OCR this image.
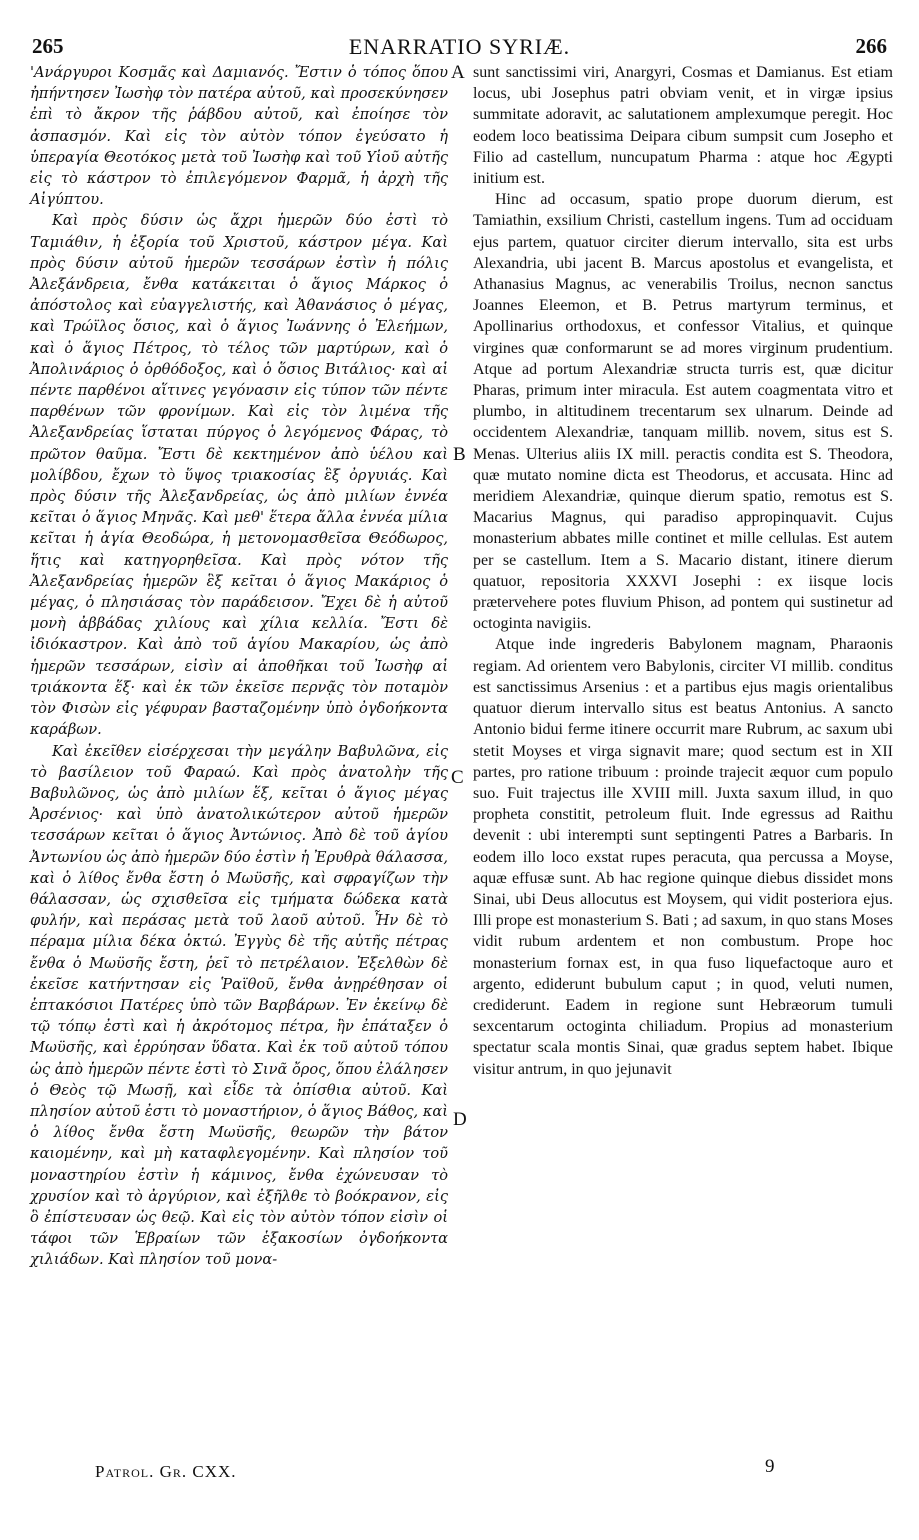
265	ENARRATIO SYRIÆ.	266

'Ανάργυροι Κοσμᾶς καὶ Δαμιανός. Ἔστιν ὁ τόπος ὅπου ἠπήντησεν Ἰωσὴφ τὸν πατέρα αὐτοῦ, καὶ προσεκύνησεν ἐπὶ τὸ ἄκρον τῆς ῥάβδου αὐτοῦ, καὶ ἐποίησε τὸν ἀσπασμόν. Καὶ εἰς τὸν αὐτὸν τόπον ἐγεύσατο ἡ ὑπεραγία Θεοτόκος μετὰ τοῦ Ἰωσὴφ καὶ τοῦ Υἱοῦ αὐτῆς εἰς τὸ κάστρον τὸ ἐπιλεγόμενον Φαρμᾶ, ἡ ἀρχὴ τῆς Αἰγύπτου.

Καὶ πρὸς δύσιν ὡς ἄχρι ἡμερῶν δύο ἐστὶ τὸ Ταμιάθιν, ἡ ἐξορία τοῦ Χριστοῦ, κάστρον μέγα. Καὶ πρὸς δύσιν αὐτοῦ ἡμερῶν τεσσάρων ἐστὶν ἡ πόλις Ἀλεξάνδρεια, ἔνθα κατάκειται ὁ ἅγιος Μάρκος ὁ ἀπόστολος καὶ εὐαγγελιστής, καὶ Ἀθανάσιος ὁ μέγας, καὶ Τρώϊλος ὅσιος, καὶ ὁ ἅγιος Ἰωάννης ὁ Ἐλεήμων, καὶ ὁ ἅγιος Πέτρος, τὸ τέλος τῶν μαρτύρων, καὶ ὁ Ἀπολινάριος ὁ ὀρθόδοξος, καὶ ὁ ὅσιος Βιτάλιος· καὶ αἱ πέντε παρθένοι αἵτινες γεγόνασιν εἰς τύπον τῶν πέντε παρθένων τῶν φρονίμων. Καὶ εἰς τὸν λιμένα τῆς Ἀλεξανδρείας ἵσταται πύργος ὁ λεγόμενος Φάρας, τὸ πρῶτον θαῦμα. Ἔστι δὲ κεκτημένον ἀπὸ ὑέλου καὶ μολίβδου, ἔχων τὸ ὕψος τριακοσίας ἓξ ὀργυιάς. Καὶ πρὸς δύσιν τῆς Ἀλεξανδρείας, ὡς ἀπὸ μιλίων ἐννέα κεῖται ὁ ἅγιος Μηνᾶς. Καὶ μεθ' ἕτερα ἄλλα ἐννέα μίλια κεῖται ἡ ἁγία Θεοδώρα, ἡ μετονομασθεῖσα Θεόδωρος, ἥτις καὶ κατηγορηθεῖσα. Καὶ πρὸς νότον τῆς Ἀλεξανδρείας ἡμερῶν ἓξ κεῖται ὁ ἅγιος Μακάριος ὁ μέγας, ὁ πλησιάσας τὸν παράδεισον. Ἔχει δὲ ἡ αὐτοῦ μονὴ ἀββάδας χιλίους καὶ χίλια κελλία. Ἔστι δὲ ἰδιόκαστρον. Καὶ ἀπὸ τοῦ ἁγίου Μακαρίου, ὡς ἀπὸ ἡμερῶν τεσσάρων, εἰσὶν αἱ ἀποθῆκαι τοῦ Ἰωσὴφ αἱ τριάκοντα ἕξ· καὶ ἐκ τῶν ἐκεῖσε περνᾷς τὸν ποταμὸν τὸν Φισὼν εἰς γέφυραν βασταζομένην ὑπὸ ὀγδοήκοντα καράβων.

Καὶ ἐκεῖθεν εἰσέρχεσαι τὴν μεγάλην Βαβυλῶνα, εἰς τὸ βασίλειον τοῦ Φαραώ. Καὶ πρὸς ἀνατολὴν τῆς Βαβυλῶνος, ὡς ἀπὸ μιλίων ἕξ, κεῖται ὁ ἅγιος μέγας Ἀρσένιος· καὶ ὑπὸ ἀνατολικώτερον αὐτοῦ ἡμερῶν τεσσάρων κεῖται ὁ ἅγιος Ἀντώνιος. Ἀπὸ δὲ τοῦ ἁγίου Ἀντωνίου ὡς ἀπὸ ἡμερῶν δύο ἐστὶν ἡ Ἐρυθρὰ θάλασσα, καὶ ὁ λίθος ἔνθα ἔστη ὁ Μωϋσῆς, καὶ σφραγίζων τὴν θάλασσαν, ὡς σχισθεῖσα εἰς τμήματα δώδεκα κατὰ φυλήν, καὶ περάσας μετὰ τοῦ λαοῦ αὐτοῦ. Ἦν δὲ τὸ πέραμα μίλια δέκα ὀκτώ. Ἐγγὺς δὲ τῆς αὐτῆς πέτρας ἔνθα ὁ Μωϋσῆς ἔστη, ῥεῖ τὸ πετρέλαιον. Ἐξελθὼν δὲ ἐκεῖσε κατήντησαν εἰς Ῥαϊθοῦ, ἔνθα ἀνῃρέθησαν οἱ ἑπτακόσιοι Πατέρες ὑπὸ τῶν Βαρβάρων. Ἐν ἐκείνῳ δὲ τῷ τόπῳ ἐστὶ καὶ ἡ ἀκρότομος πέτρα, ἣν ἐπάταξεν ὁ Μωϋσῆς, καὶ ἐρρύησαν ὕδατα. Καὶ ἐκ τοῦ αὐτοῦ τόπου ὡς ἀπὸ ἡμερῶν πέντε ἐστὶ τὸ Σινᾶ ὄρος, ὅπου ἐλάλησεν ὁ Θεὸς τῷ Μωσῇ, καὶ εἶδε τὰ ὀπίσθια αὐτοῦ. Καὶ πλησίον αὐτοῦ ἐστι τὸ μοναστήριον, ὁ ἅγιος Βάθος, καὶ ὁ λίθος ἔνθα ἔστη Μωϋσῆς, θεωρῶν τὴν βάτον καιομένην, καὶ μὴ καταφλεγομένην. Καὶ πλησίον τοῦ μοναστηρίου ἐστὶν ἡ κάμινος, ἔνθα ἐχώνευσαν τὸ χρυσίον καὶ τὸ ἀργύριον, καὶ ἐξῆλθε τὸ βοόκρανον, εἰς ὃ ἐπίστευσαν ὡς θεῷ. Καὶ εἰς τὸν αὐτὸν τόπον εἰσὶν οἱ τάφοι τῶν Ἑβραίων τῶν ἑξακοσίων ὀγδοήκοντα χιλιάδων. Καὶ πλησίον τοῦ μονα-

A
B
C
D

sunt sanctissimi viri, Anargyri, Cosmas et Damianus. Est etiam locus, ubi Josephus patri obviam venit, et in virgæ ipsius summitate adoravit, ac salutationem amplexumque peregit. Hoc eodem loco beatissima Deipara cibum sumpsit cum Josepho et Filio ad castellum, nuncupatum Pharma : atque hoc Ægypti initium est.

Hinc ad occasum, spatio prope duorum dierum, est Tamiathin, exsilium Christi, castellum ingens. Tum ad occiduam ejus partem, quatuor circiter dierum intervallo, sita est urbs Alexandria, ubi jacent B. Marcus apostolus et evangelista, et Athanasius Magnus, ac venerabilis Troilus, necnon sanctus Joannes Eleemon, et B. Petrus martyrum terminus, et Apollinarius orthodoxus, et confessor Vitalius, et quinque virgines quæ conformarunt se ad mores virginum prudentium. Atque ad portum Alexandriæ structa turris est, quæ dicitur Pharas, primum inter miracula. Est autem coagmentata vitro et plumbo, in altitudinem trecentarum sex ulnarum. Deinde ad occidentem Alexandriæ, tanquam millib. novem, situs est S. Menas. Ulterius aliis IX mill. peractis condita est S. Theodora, quæ mutato nomine dicta est Theodorus, et accusata. Hinc ad meridiem Alexandriæ, quinque dierum spatio, remotus est S. Macarius Magnus, qui paradiso appropinquavit. Cujus monasterium abbates mille continet et mille cellulas. Est autem per se castellum. Item a S. Macario distant, itinere dierum quatuor, repositoria XXXVI Josephi : ex iisque locis prætervehere potes fluvium Phison, ad pontem qui sustinetur ad octoginta navigiis.

Atque inde ingrederis Babylonem magnam, Pharaonis regiam. Ad orientem vero Babylonis, circiter VI millib. conditus est sanctissimus Arsenius : et a partibus ejus magis orientalibus quatuor dierum intervallo situs est beatus Antonius. A sancto Antonio bidui ferme itinere occurrit mare Rubrum, ac saxum ubi stetit Moyses et virga signavit mare; quod sectum est in XII partes, pro ratione tribuum : proinde trajecit æquor cum populo suo. Fuit trajectus ille XVIII mill. Juxta saxum illud, in quo propheta constitit, petroleum fluit. Inde egressus ad Raithu devenit : ubi interempti sunt septingenti Patres a Barbaris. In eodem illo loco exstat rupes peracuta, qua percussa a Moyse, aquæ effusæ sunt. Ab hac regione quinque diebus dissidet mons Sinai, ubi Deus allocutus est Moysem, qui vidit posteriora ejus. Illi prope est monasterium S. Bati ; ad saxum, in quo stans Moses vidit rubum ardentem et non combustum. Prope hoc monasterium fornax est, in qua fuso liquefactoque auro et argento, ediderunt bubulum caput ; in quod, veluti numen, crediderunt. Eadem in regione sunt Hebræorum tumuli sexcentarum octoginta chiliadum. Propius ad monasterium spectatur scala montis Sinai, quæ gradus septem habet. Ibique visitur antrum, in quo jejunavit

Patrol. Gr. CXX.	9
